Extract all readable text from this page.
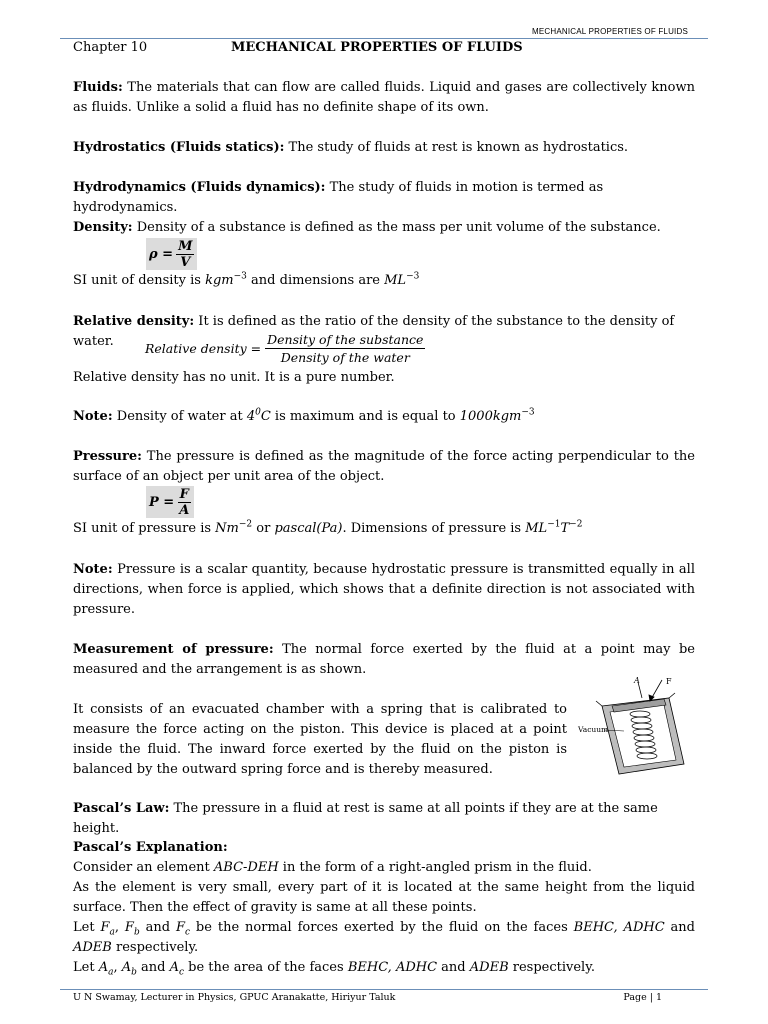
MECHANICAL PROPERTIES OF FLUIDS
Chapter 10	MECHANICAL PROPERTIES OF FLUIDS
Fluids: The materials that can flow are called fluids. Liquid and gases are collectively known as fluids. Unlike a solid a fluid has no definite shape of its own.
Hydrostatics (Fluids statics): The study of fluids at rest is known as hydrostatics.
Hydrodynamics (Fluids dynamics): The study of fluids in motion is termed as hydrodynamics.
Density: Density of a substance is defined as the mass per unit volume of the substance.
$\rho = \frac{M}{V}$
SI unit of density is kgm$^{-3}$ and dimensions are $ML^{-3}$
Relative density: It is defined as the ratio of the density of the substance to the density of water.	Relative density = $\frac{\text{Density of the substance}}{\text{Density of the water}}$
Relative density has no unit. It is a pure number.
Note: Density of water at $4^0C$ is maximum and is equal to 1000kgm$^{-3}$
Pressure: The pressure is defined as the magnitude of the force acting perpendicular to the surface of an object per unit area of the object.
$P = \frac{F}{A}$
SI unit of pressure is $Nm^{-2}$ or pascal(Pa). Dimensions of pressure is $ML^{-1}T^{-2}$
Note: Pressure is a scalar quantity, because hydrostatic pressure is transmitted equally in all directions, when force is applied, which shows that a definite direction is not associated with pressure.
Measurement of pressure: The normal force exerted by the fluid at a point may be measured and the arrangement is as shown.
It consists of an evacuated chamber with a spring that is calibrated to measure the force acting on the piston. This device is placed at a point inside the fluid. The inward force exerted by the fluid on the piston is balanced by the outward spring force and is thereby measured.
A	F
Vacuum
Pascal’s Law: The pressure in a fluid at rest is same at all points if they are at the same height.
Pascal’s Explanation:
Consider an element ABC-DEH in the form of a right-angled prism in the fluid.
As the element is very small, every part of it is located at the same height from the liquid surface. Then the effect of gravity is same at all these points.
Let $F_a$, $F_b$ and $F_c$ be the normal forces exerted by the fluid on the faces BEHC, ADHC and ADEB respectively.
Let $A_a$, $A_b$ and $A_c$ be the area of the faces BEHC, ADHC and ADEB respectively.
U N Swamay, Lecturer in Physics, GPUC Aranakatte, Hiriyur Taluk	Page | 1
